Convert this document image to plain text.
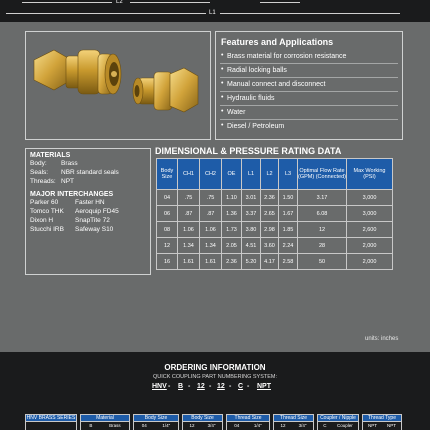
L2
L1
Features and Applications
• Brass material for corrosion resistance
• Radial locking balls
• Manual connect and disconnect
• Hydraulic fluids
• Water
• Diesel / Petroleum
MATERIALS
Body:	Brass
Seals:	NBR standard seals
Threads: NPT
MAJOR INTERCHANGES
Parker 60	Faster HN
Tomco THK	Aeroquip FD45
Dixon H	SnapTite 72
Stucchi IRB	Safeway S10
DIMENSIONAL & PRESSURE RATING DATA
Body Size	CH1	CH2	OE	L1	L2	L3	Optimal Flow Rate (GPM) (Connected)	Max Working (PSI)
04	.75	.75	1.10	3.01	2.36	1.50	3.17	3,000
06	.87	.87	1.36	3.37	2.65	1.67	6.08	3,000
08	1.06	1.06	1.73	3.80	2.98	1.85	12	2,600
12	1.34	1.34	2.05	4.51	3.60	2.24	28	2,000
16	1.61	1.61	2.36	5.20	4.17	2.58	50	2,000
units: inches
ORDERING INFORMATION
QUICK COUPLING PART NUMBERING SYSTEM:
HNV - B - 12 - 12 - C - NPT
HNV BRASS SERIES	Material
B	Brass
Body Size
04	1/4"
Body Size
12	3/4"
Thread Size
04	1/4"
Thread Size
12	3/4"
Coupler / Nipple
C Coupler
Thread Type
NPT NPT
